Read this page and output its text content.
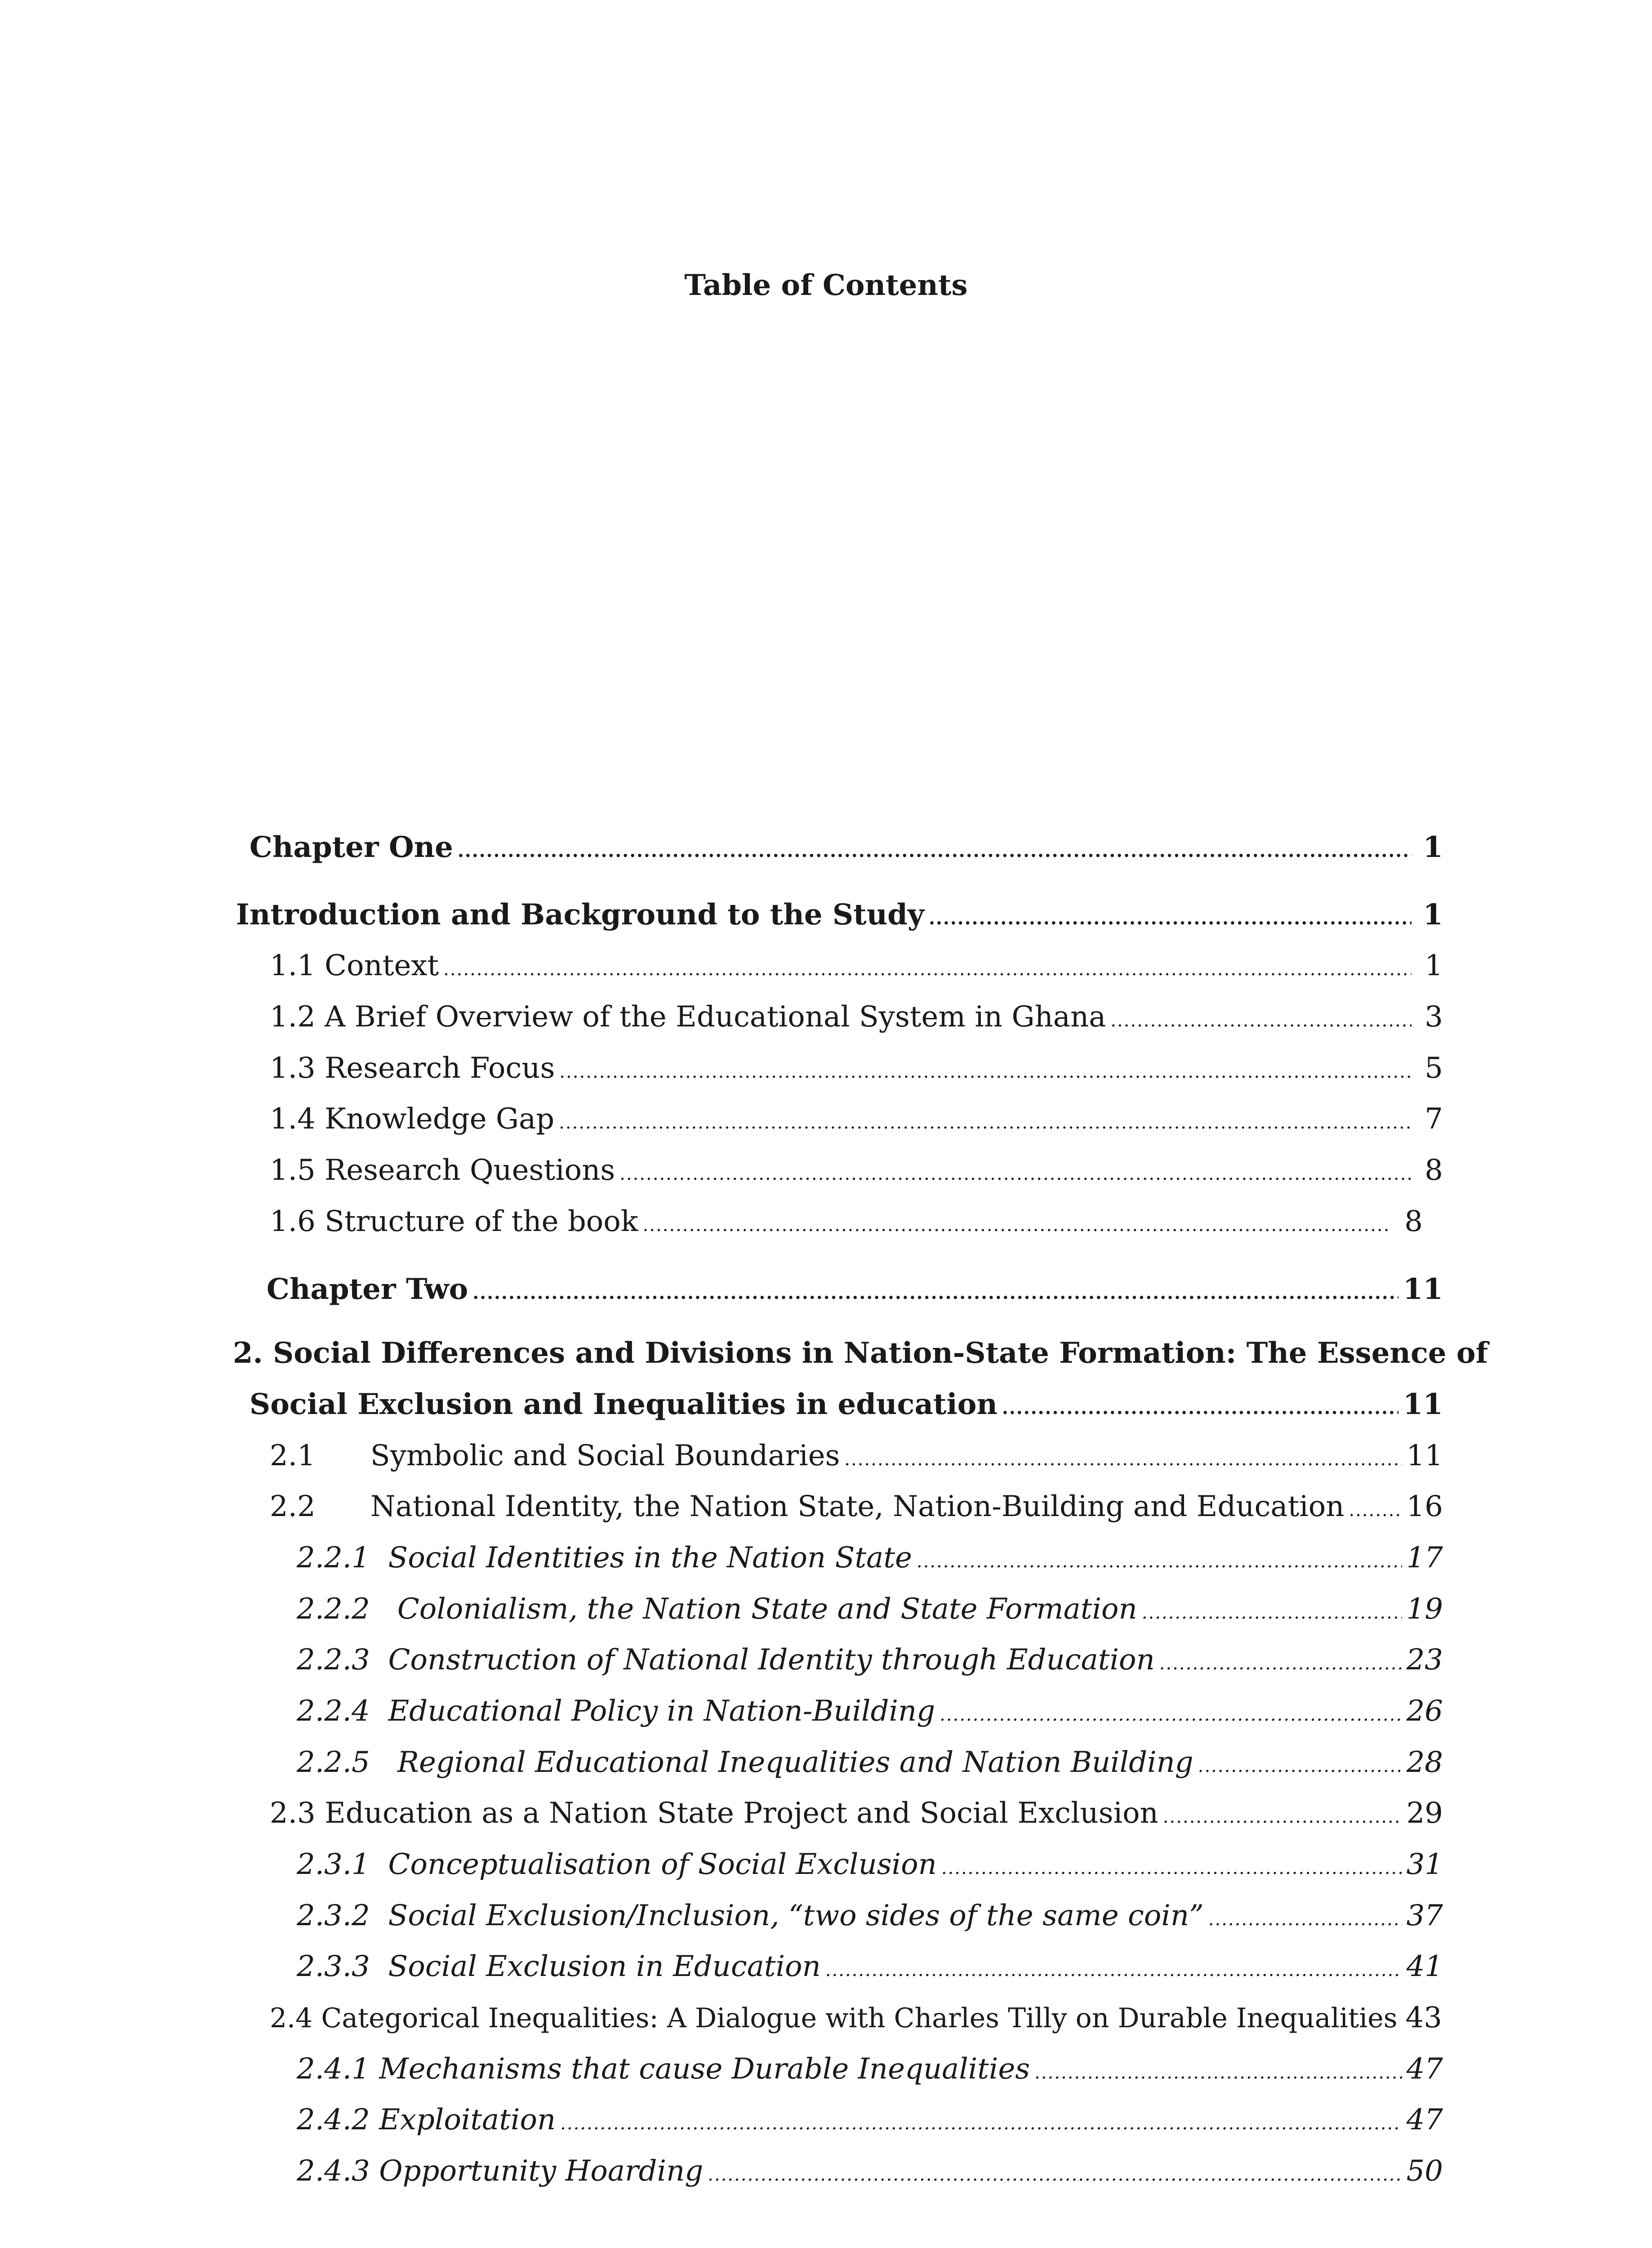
Table of Contents
Chapter One .....	1
Introduction and Background to the Study .....	1
1.1 Context .....	1
1.2 A Brief Overview of the Educational System in Ghana .....	3
1.3 Research Focus .....	5
1.4 Knowledge Gap .....	7
1.5 Research Questions .....	8
1.6 Structure of the book .....	8
Chapter Two .....	11
2. Social Differences and Divisions in Nation-State Formation: The Essence of
Social Exclusion and Inequalities in education .....	11
2.1      Symbolic and Social Boundaries .....	11
2.2      National Identity, the Nation State, Nation-Building and Education ..... 16
2.2.1  Social Identities in the Nation State .....	17
2.2.2   Colonialism, the Nation State and State Formation .....	19
2.2.3  Construction of National Identity through Education .....	23
2.2.4  Educational Policy in Nation-Building .....	26
2.2.5   Regional Educational Inequalities and Nation Building .....	28
2.3 Education as a Nation State Project and Social Exclusion .....	29
2.3.1  Conceptualisation of Social Exclusion .....	31
2.3.2  Social Exclusion/Inclusion, “two sides of the same coin” .....	37
2.3.3  Social Exclusion in Education .....	41
2.4 Categorical Inequalities: A Dialogue with Charles Tilly on Durable Inequalities 43
2.4.1 Mechanisms that cause Durable Inequalities .....	47
2.4.2 Exploitation .....	47
2.4.3 Opportunity Hoarding .....	50
